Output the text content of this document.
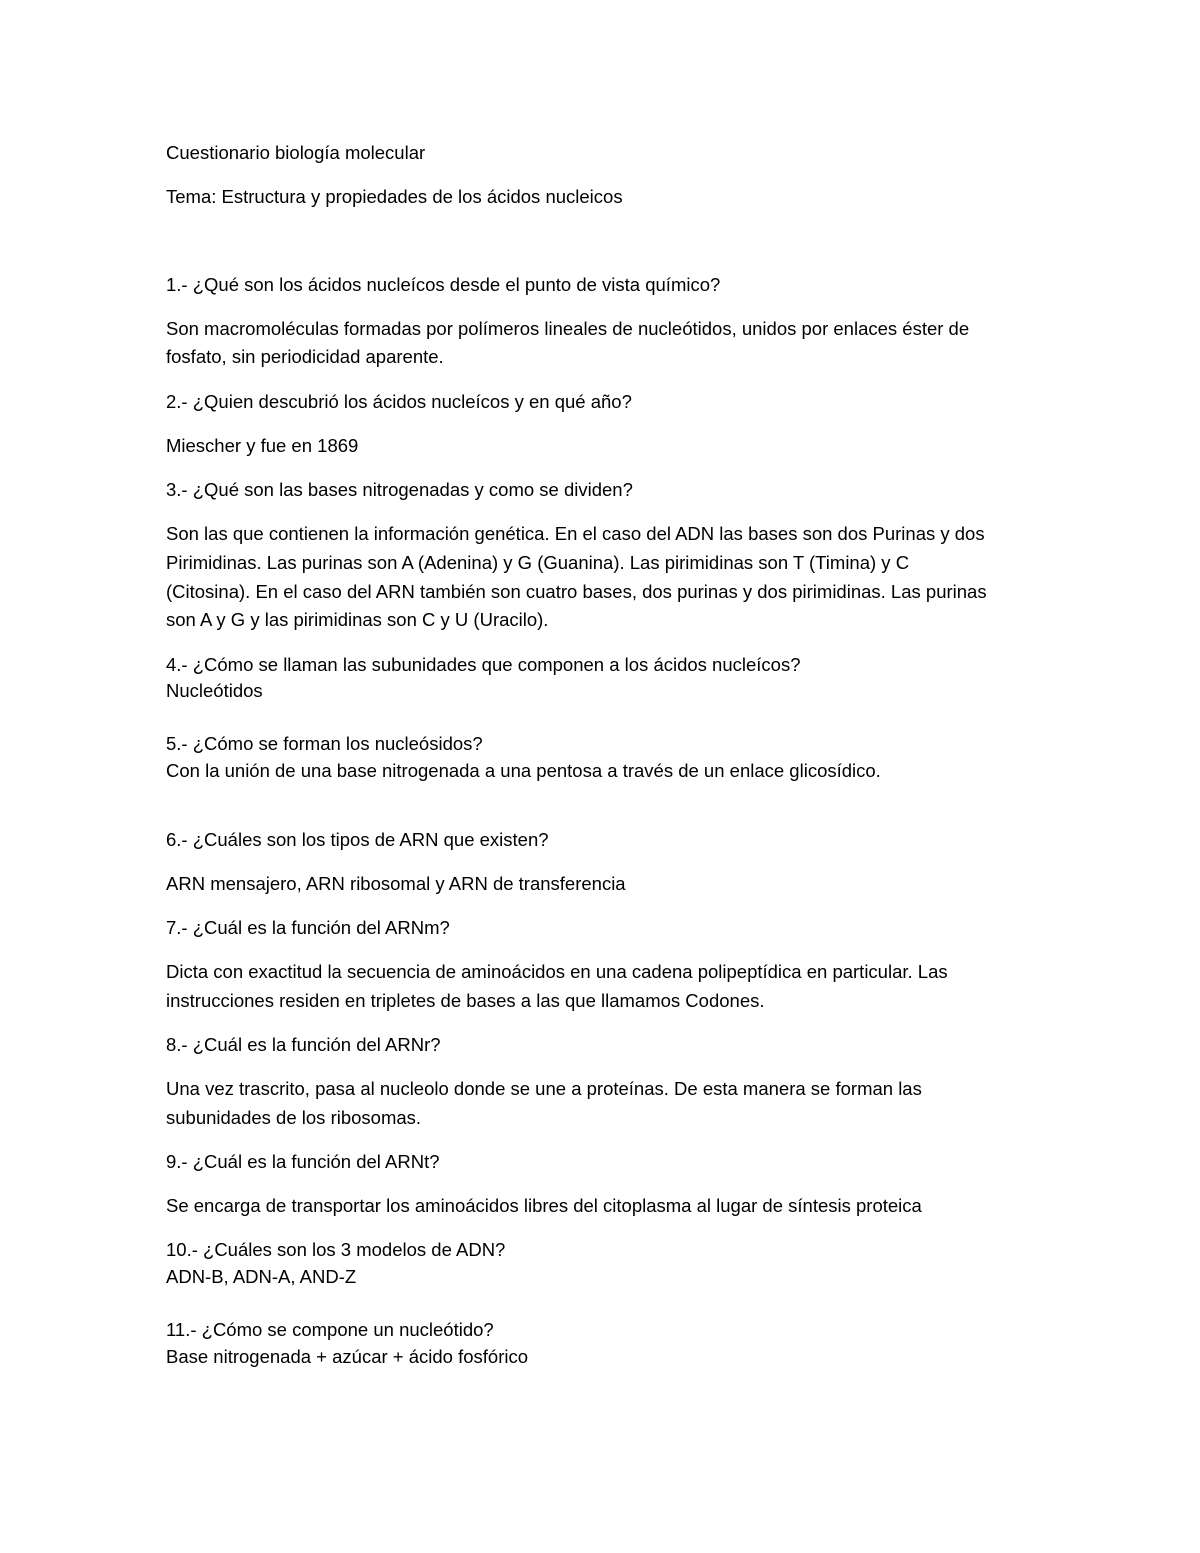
Cuestionario biología molecular
Tema: Estructura y propiedades de los ácidos nucleicos
1.- ¿Qué son los ácidos nucleícos desde el punto de vista químico?
Son macromoléculas formadas por polímeros lineales de nucleótidos, unidos por enlaces éster de
fosfato, sin periodicidad aparente.
2.- ¿Quien descubrió los ácidos nucleícos y en qué año?
Miescher y fue en 1869
3.- ¿Qué son las bases nitrogenadas y como se dividen?
Son las que contienen la información genética. En el caso del ADN las bases son dos Purinas y dos
Pirimidinas. Las purinas son A (Adenina) y G (Guanina). Las pirimidinas son T (Timina) y C
(Citosina). En el caso del ARN también son cuatro bases, dos purinas y dos pirimidinas. Las purinas
son A y G y las pirimidinas son C y U (Uracilo).
4.- ¿Cómo se llaman las subunidades que componen a los ácidos nucleícos?
Nucleótidos
5.- ¿Cómo se forman los nucleósidos?
Con la unión de una base nitrogenada a una pentosa a través de un enlace glicosídico.
6.- ¿Cuáles son los tipos de ARN que existen?
ARN mensajero, ARN ribosomal y ARN de transferencia
7.- ¿Cuál es la función del ARNm?
Dicta con exactitud la secuencia de aminoácidos en una cadena polipeptídica en particular. Las
instrucciones residen en tripletes de bases a las que llamamos Codones.
8.- ¿Cuál es la función del ARNr?
Una vez trascrito, pasa al nucleolo donde se une a proteínas. De esta manera se forman las
subunidades de los ribosomas.
9.- ¿Cuál es la función del ARNt?
Se encarga de transportar los aminoácidos libres del citoplasma al lugar de síntesis proteica
10.- ¿Cuáles son los 3 modelos de ADN?
ADN-B, ADN-A, AND-Z
11.- ¿Cómo se compone un nucleótido?
Base nitrogenada + azúcar + ácido fosfórico
